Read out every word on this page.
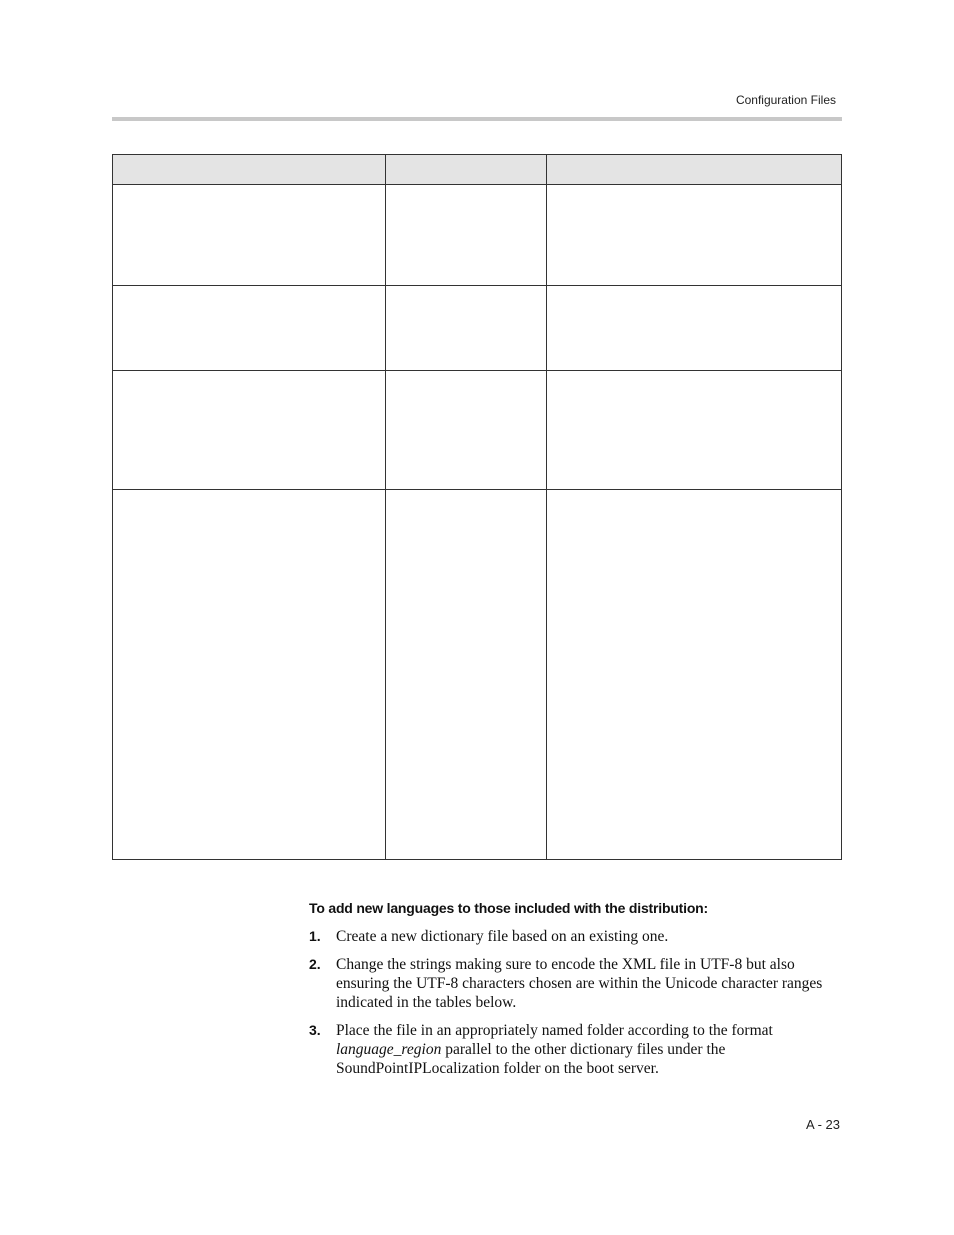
Configuration Files

To add new languages to those included with the distribution:
1. Create a new dictionary file based on an existing one.
2. Change the strings making sure to encode the XML file in UTF-8 but also ensuring the UTF-8 characters chosen are within the Unicode character ranges indicated in the tables below.
3. Place the file in an appropriately named folder according to the format language_region parallel to the other dictionary files under the SoundPointIPLocalization folder on the boot server.
A - 23
